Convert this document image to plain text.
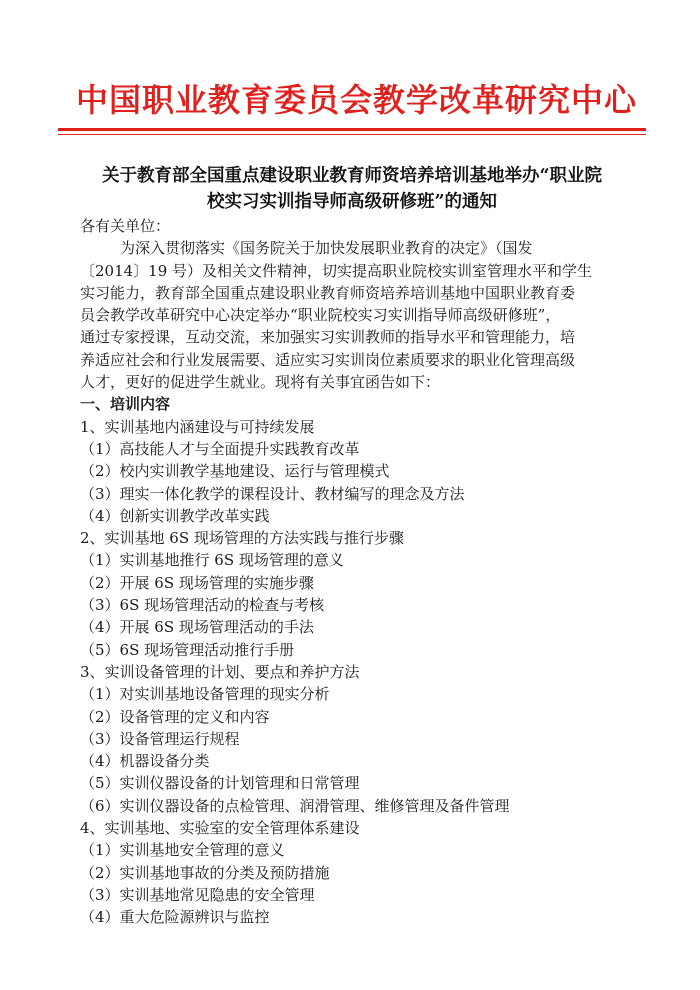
中国职业教育委员会教学改革研究中心
关于教育部全国重点建设职业教育师资培养培训基地举办“职业院
校实习实训指导师高级研修班”的通知
各有关单位：
为深入贯彻落实《国务院关于加快发展职业教育的决定》（国发
〔2014〕19 号）及相关文件精神，切实提高职业院校实训室管理水平和学生
实习能力，教育部全国重点建设职业教育师资培养培训基地中国职业教育委
员会教学改革研究中心决定举办“职业院校实习实训指导师高级研修班”，
通过专家授课，互动交流，来加强实习实训教师的指导水平和管理能力，培
养适应社会和行业发展需要、适应实习实训岗位素质要求的职业化管理高级
人才，更好的促进学生就业。现将有关事宜函告如下：
一、培训内容
1、实训基地内涵建设与可持续发展
（1）高技能人才与全面提升实践教育改革
（2）校内实训教学基地建设、运行与管理模式
（3）理实一体化教学的课程设计、教材编写的理念及方法
（4）创新实训教学改革实践
2、实训基地 6S 现场管理的方法实践与推行步骤
（1）实训基地推行 6S 现场管理的意义
（2）开展 6S 现场管理的实施步骤
（3）6S 现场管理活动的检查与考核
（4）开展 6S 现场管理活动的手法
（5）6S 现场管理活动推行手册
3、实训设备管理的计划、要点和养护方法
（1）对实训基地设备管理的现实分析
（2）设备管理的定义和内容
（3）设备管理运行规程
（4）机器设备分类
（5）实训仪器设备的计划管理和日常管理
（6）实训仪器设备的点检管理、润滑管理、维修管理及备件管理
4、实训基地、实验室的安全管理体系建设
（1）实训基地安全管理的意义
（2）实训基地事故的分类及预防措施
（3）实训基地常见隐患的安全管理
（4）重大危险源辨识与监控
